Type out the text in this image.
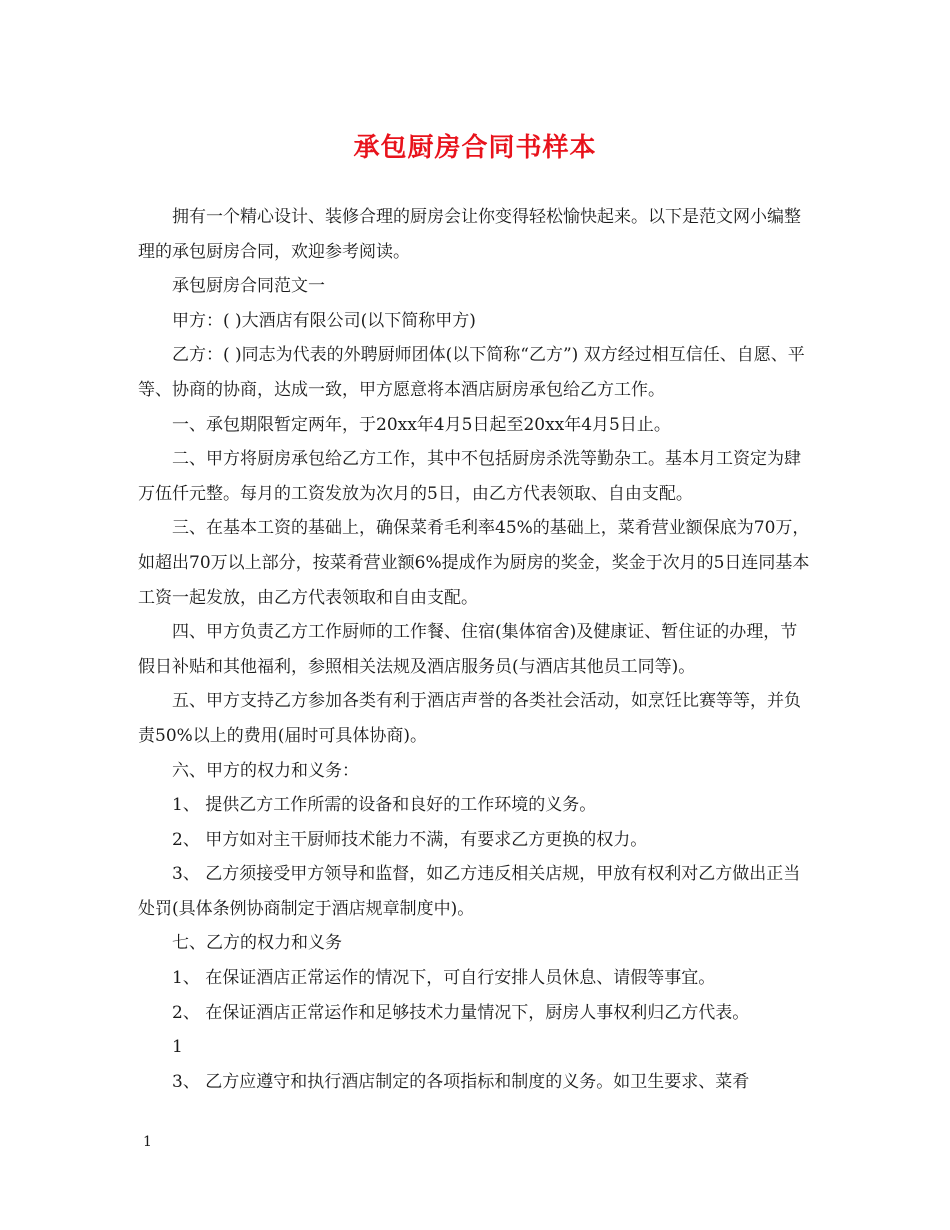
承包厨房合同书样本

拥有一个精心设计、装修合理的厨房会让你变得轻松愉快起来。以下是范文网小编整理的承包厨房合同，欢迎参考阅读。

承包厨房合同范文一

甲方：( )大酒店有限公司(以下简称甲方)

乙方：( )同志为代表的外聘厨师团体(以下简称“乙方”) 双方经过相互信任、自愿、平等、协商的协商，达成一致，甲方愿意将本酒店厨房承包给乙方工作。

一、承包期限暂定两年，于20xx年4月5日起至20xx年4月5日止。

二、甲方将厨房承包给乙方工作，其中不包括厨房杀洗等勤杂工。基本月工资定为肆万伍仟元整。每月的工资发放为次月的5日，由乙方代表领取、自由支配。

三、在基本工资的基础上，确保菜肴毛利率45%的基础上，菜肴营业额保底为70万，如超出70万以上部分，按菜肴营业额6%提成作为厨房的奖金，奖金于次月的5日连同基本工资一起发放，由乙方代表领取和自由支配。

四、甲方负责乙方工作厨师的工作餐、住宿(集体宿舍)及健康证、暂住证的办理，节假日补贴和其他福利，参照相关法规及酒店服务员(与酒店其他员工同等)。

五、甲方支持乙方参加各类有利于酒店声誉的各类社会活动，如烹饪比赛等等，并负责50%以上的费用(届时可具体协商)。

六、甲方的权力和义务：

1、 提供乙方工作所需的设备和良好的工作环境的义务。

2、 甲方如对主干厨师技术能力不满，有要求乙方更换的权力。

3、 乙方须接受甲方领导和监督，如乙方违反相关店规，甲放有权利对乙方做出正当处罚(具体条例协商制定于酒店规章制度中)。

七、乙方的权力和义务

1、 在保证酒店正常运作的情况下，可自行安排人员休息、请假等事宜。

2、 在保证酒店正常运作和足够技术力量情况下，厨房人事权利归乙方代表。

1

3、 乙方应遵守和执行酒店制定的各项指标和制度的义务。如卫生要求、菜肴

1
